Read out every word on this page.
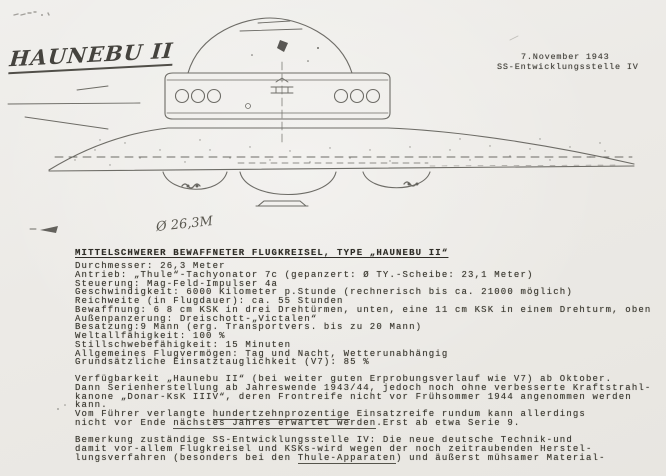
HAUNEBU II
Ø 26,3M
7.November 1943
SS-Entwicklungsstelle IV
MITTELSCHWERER BEWAFFNETER FLUGKREISEL, TYPE „HAUNEBU II“
Durchmesser: 26,3 Meter
Antrieb: „Thule“-Tachyonator 7c (gepanzert: Ø TY.-Scheibe: 23,1 Meter)
Steuerung: Mag-Feld-Impulser 4a
Geschwindigkeit: 6000 Kilometer p.Stunde (rechnerisch bis ca. 21000 möglich)
Reichweite (in Flugdauer): ca. 55 Stunden
Bewaffnung: 6 8 cm KSK in drei Drehtürmen, unten, eine 11 cm KSK in einem Drehturm, oben
Außenpanzerung: Dreischott-„Victalen“
Besatzung:9 Mann (erg. Transportvers. bis zu 20 Mann)
Weltallfähigkeit: 100 %
Stillschwebefähigkeit: 15 Minuten
Allgemeines Flugvermögen: Tag und Nacht, Wetterunabhängig
Grundsätzliche Einsatztauglichkeit (V7): 85 %
Verfügbarkeit „Haunebu II“ (bei weiter guten Erprobungsverlauf wie V7) ab Oktober.
Dann Serienherstellung ab Jahreswende 1943/44, jedoch noch ohne verbesserte Kraftstrahl-
kanone „Donar-KsK IIIV“, deren Frontreife nicht vor Frühsommer 1944 angenommen werden
kann.
Vom Führer verlangte hundertzehnprozentige Einsatzreife rundum kann allerdings
nicht vor Ende nächstes Jahres erwartet werden.Erst ab etwa Serie 9.
Bemerkung zuständige SS-Entwicklungsstelle IV: Die neue deutsche Technik-und
damit vor-allem Flugkreisel und KSKs-wird wegen der noch zeitraubenden Herstel-
lungsverfahren (besonders bei den Thule-Apparaten) und äußerst mühsamer Material-
